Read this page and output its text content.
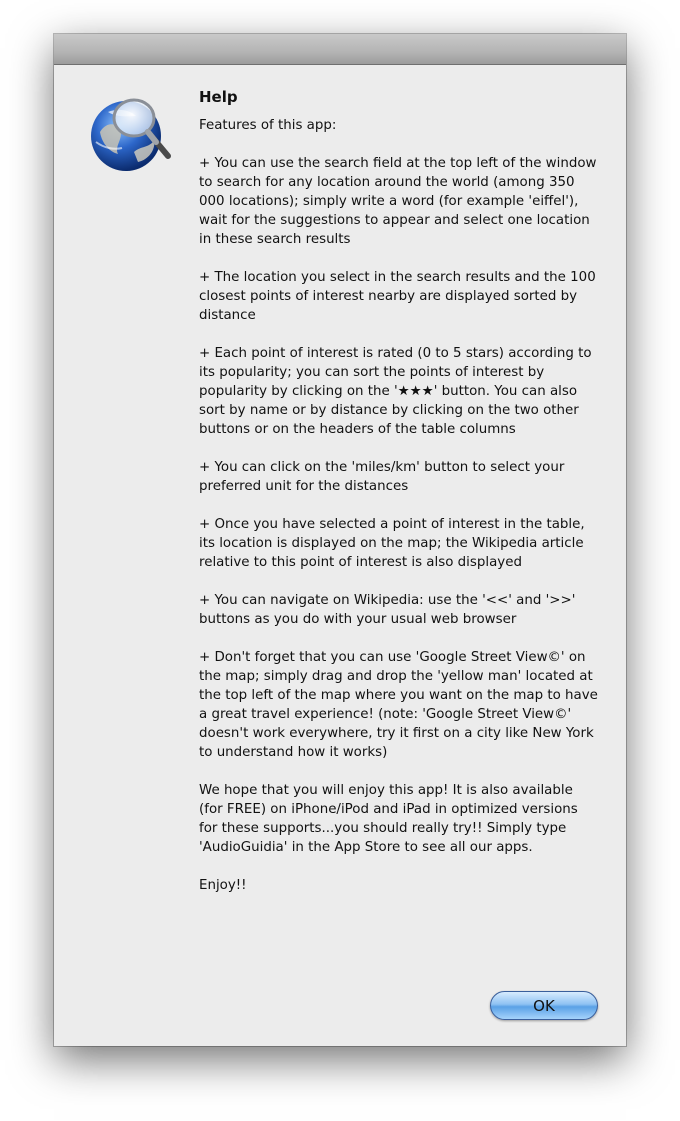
Help
Features of this app:
+ You can use the search field at the top left of the window to search for any location around the world (among 350 000 locations); simply write a word (for example 'eiffel'), wait for the suggestions to appear and select one location in these search results
+ The location you select in the search results and the 100 closest points of interest nearby are displayed sorted by distance
+ Each point of interest is rated (0 to 5 stars) according to its popularity; you can sort the points of interest by popularity by clicking on the '★★★' button. You can also sort by name or by distance by clicking on the two other buttons or on the headers of the table columns
+ You can click on the 'miles/km' button to select your preferred unit for the distances
+ Once you have selected a point of interest in the table, its location is displayed on the map; the Wikipedia article relative to this point of interest is also displayed
+ You can navigate on Wikipedia: use the '<<' and '>>' buttons as you do with your usual web browser
+ Don't forget that you can use 'Google Street View©' on the map; simply drag and drop the 'yellow man' located at the top left of the map where you want on the map to have a great travel experience! (note: 'Google Street View©' doesn't work everywhere, try it first on a city like New York to understand how it works)
We hope that you will enjoy this app! It is also available (for FREE) on iPhone/iPod and iPad in optimized versions for these supports...you should really try!! Simply type 'AudioGuidia' in the App Store to see all our apps.
Enjoy!!
OK
